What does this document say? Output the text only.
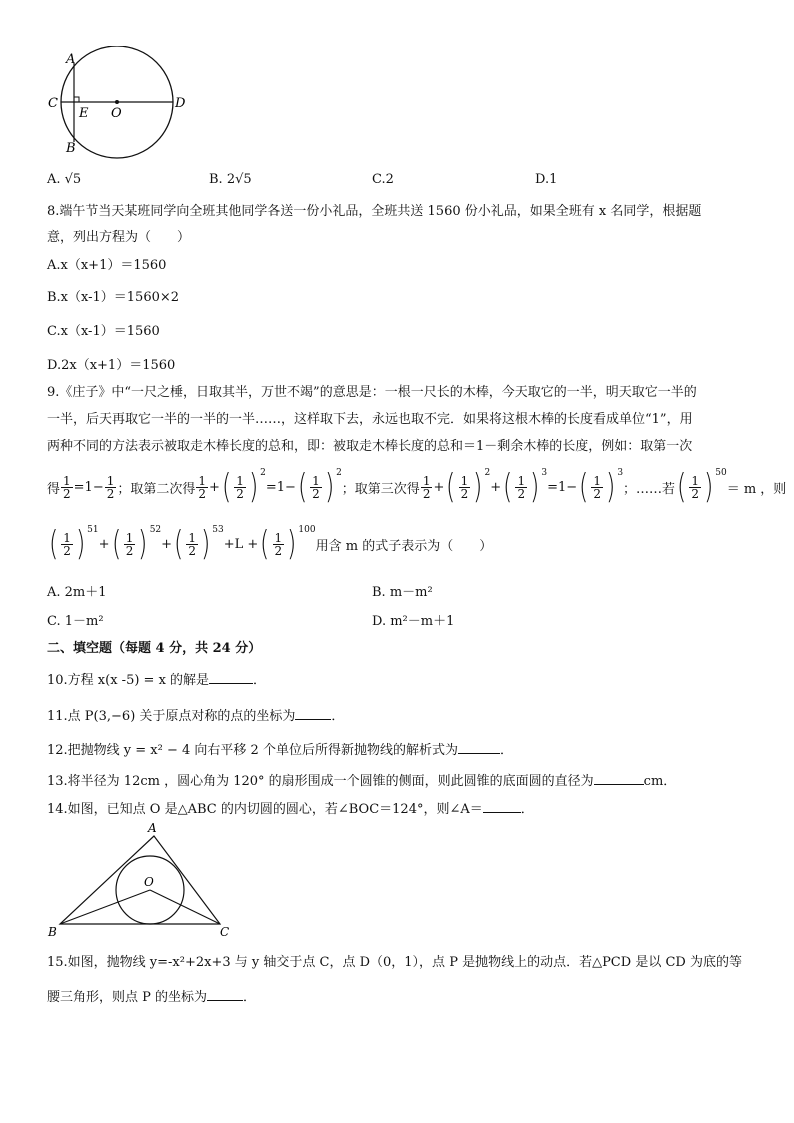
A
B
C	D
E O
A. √5	B. 2√5	C.2	D.1
8.端午节当天某班同学向全班其他同学各送一份小礼品，全班共送 1560 份小礼品，如果全班有 x 名同学，根据题
意，列出方程为（　　）
A.x（x+1）＝1560
B.x（x-1）＝1560×2
C.x（x-1）＝1560
D.2x（x+1）＝1560
9.《庄子》中“一尺之棰，日取其半，万世不竭”的意思是：一根一尺长的木棒，今天取它的一半，明天取它一半的
一半，后天再取它一半的一半的一半……，这样取下去，永远也取不完．如果将这根木棒的长度看成单位“1”，用
两种不同的方法表示被取走木棒长度的总和，即：被取走木棒长度的总和＝1－剩余木棒的长度，例如：取第一次
得 $\frac{1}{2} =1- \frac{1}{2}$ ；取第二次得 $\frac{1}{2}$ + ( $\frac{1}{2} )^2$
=1− ( $\frac{1}{2} )^2$
；取第三次得 $\frac{1}{2}$ + ( $\frac{1}{2} )^2$
+ ( $\frac{1}{2} )^3$
=1− ( $\frac{1}{2} )^3$
；……若 ( $\frac{1}{2} )^{50}$
＝ m ，则
( $\frac{1}{2} )^{51}$
+ ( $\frac{1}{2} )^{52}$
+ ( $\frac{1}{2} )^{53}$
+L + ( $\frac{1}{2} )^{100}$
用含 m 的式子表示为（　　）
A. 2m＋1	B. m－m²
C. 1－m²	D. m²－m＋1
二、填空题（每题 4 分，共 24 分）
10.方程 x(x -5) = x 的解是	．
11.点 P(3,−6) 关于原点对称的点的坐标为	．
12.把抛物线 y = x² − 4 向右平移 2 个单位后所得新抛物线的解析式为	．
13.将半径为 12cm ，圆心角为 120° 的扇形围成一个圆锥的侧面，则此圆锥的底面圆的直径为	cm．
14.如图，已知点 O 是△ABC 的内切圆的圆心，若∠BOC＝124°，则∠A＝	．
A
B	C
O
15.如图，抛物线 y=-x²+2x+3 与 y 轴交于点 C，点 D（0，1），点 P 是抛物线上的动点．若△PCD 是以 CD 为底的等
腰三角形，则点 P 的坐标为	．
